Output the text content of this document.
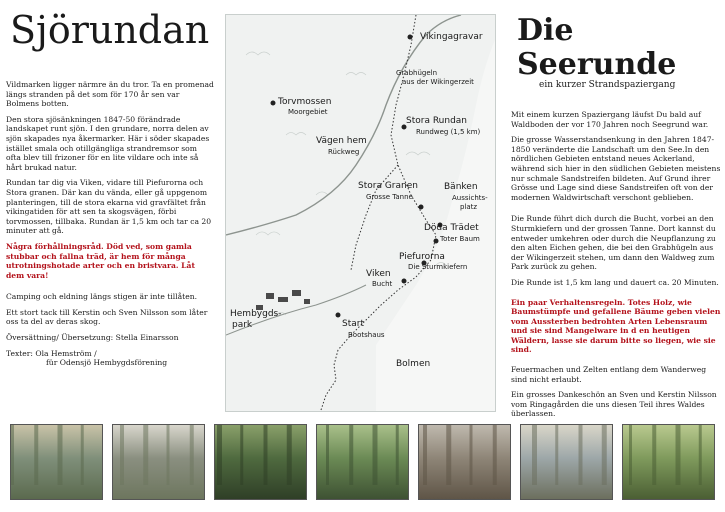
Sjörundan

Vildmarken ligger närmre än du tror. Ta en promenad längs stranden på det som för 170 år sen var Bolmens botten.

Den stora sjösänkningen 1847-50 förändrade landskapet runt sjön. I den grundare, norra delen av sjön skapades nya åkermarker. Här i söder skapades istället smala och otillgängliga strandremsor som ofta blev till frizoner för en lite vildare och inte så hårt brukad natur.

Rundan tar dig via Viken, vidare till Piefurorna och Stora granen. Där kan du vända, eller gå uppgenom planteringen, till de stora ekarna vid gravfältet från vikingatiden för att sen ta skogsvägen, förbi torvmossen, tillbaka. Rundan är 1,5 km och tar ca 20 minuter att gå.

Några förhållningsråd. Död ved, som gamla stubbar och fallna träd, är hem för många utrotningshotade arter och en bristvara. Låt dem vara!

Camping och eldning längs stigen är inte tillåten.

Ett stort tack till Kerstin och Sven Nilsson som låter oss ta del av deras skog.

Översättning/ Übersetzung: Stella Einarsson

Texter: Ola Hemström /

für Odensjö Hembygdsförening

Vikingagravar
Grabhügeln
aus der Wikingerzeit
Torvmossen
Moorgebiet
Stora Rundan
Rundweg (1,5 km)
Vägen hem
Rückweg
Stora Granen
Grosse Tanne
Bänken
Aussichts-
platz
Döda Trädet
Toter Baum
Piefurorna
Die Sturmkiefern
Viken
Bucht
Hembygds-
park	Start
Bootshaus
Bolmen
Die Seerunde
ein kurzer Strandspaziergang

Mit einem kurzen Spaziergang läufst Du bald auf Waldboden der vor 170 Jahren noch Seegrund war.

Die grosse Wasserstandsenkung in den Jahren 1847-1850 veränderte die Landschaft um den See.In den nördlichen Gebieten entstand neues Ackerland, während sich hier in den südlichen Gebieten meistens nur schmale Sandstreifen bildeten. Auf Grund ihrer Grösse und Lage sind diese Sandstreifen oft von der modernen Waldwirtschaft verschont geblieben.

Die Runde führt dich durch die Bucht, vorbei an den Sturmkiefern und der grossen Tanne. Dort kannst du entweder umkehren oder durch die Neupflanzung zu den alten Eichen gehen, die bei den Grabhügeln aus der Wikingerzeit stehen, um dann den Waldweg zum Park zurück zu gehen.

Die Runde ist 1,5 km lang und dauert ca. 20 Minuten.

Ein paar Verhaltensregeln. Totes Holz, wie Baumstümpfe und gefallene Bäume geben vielen vom Aussterben bedrohten Arten Lebensraum und sie sind Mangelware in d en heutigen Wäldern, lasse sie darum bitte so liegen, wie sie sind.

Feuermachen und Zelten entlang dem Wanderweg sind nicht erlaubt.

Ein grosses Dankeschön an Sven und Kerstin Nilsson vom Ringagården die uns diesen Teil ihres Waldes überlassen.
